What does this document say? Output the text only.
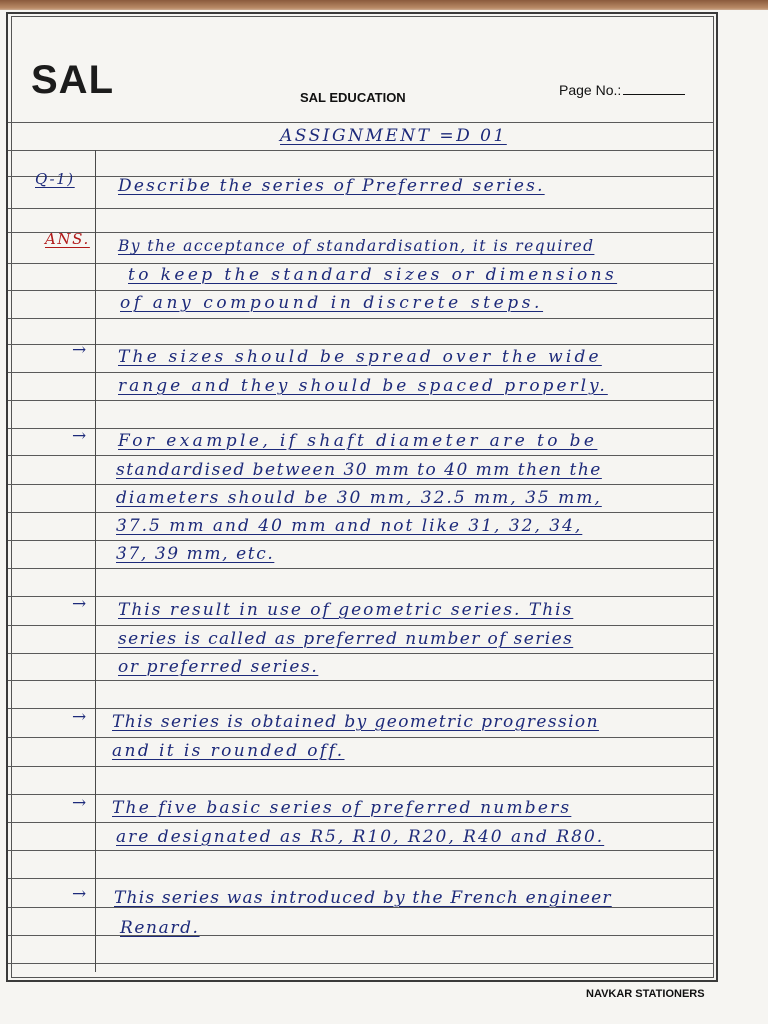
SAL	SAL EDUCATION	Page No.:
ASSIGNMENT =D 01
Q-1)	Describe the series of Preferred series.
ANS. By the acceptance of standardisation, it is required
to keep the standard sizes or dimensions
of any compound in discrete steps.
→ The sizes should be spread over the wide
range and they should be spaced properly.
→ For example, if shaft diameter are to be
standardised between 30 mm to 40 mm then the
diameters should be 30 mm, 32.5 mm, 35 mm,
37.5 mm and 40 mm and not like 31, 32, 34,
37, 39 mm, etc.
→ This result in use of geometric series. This
series is called as preferred number of series
or preferred series.
→ This series is obtained by geometric progression
and it is rounded off.
→ The five basic series of preferred numbers
are designated as R5, R10, R20, R40 and R80.
→ This series was introduced by the French engineer
Renard.
NAVKAR STATIONERS
